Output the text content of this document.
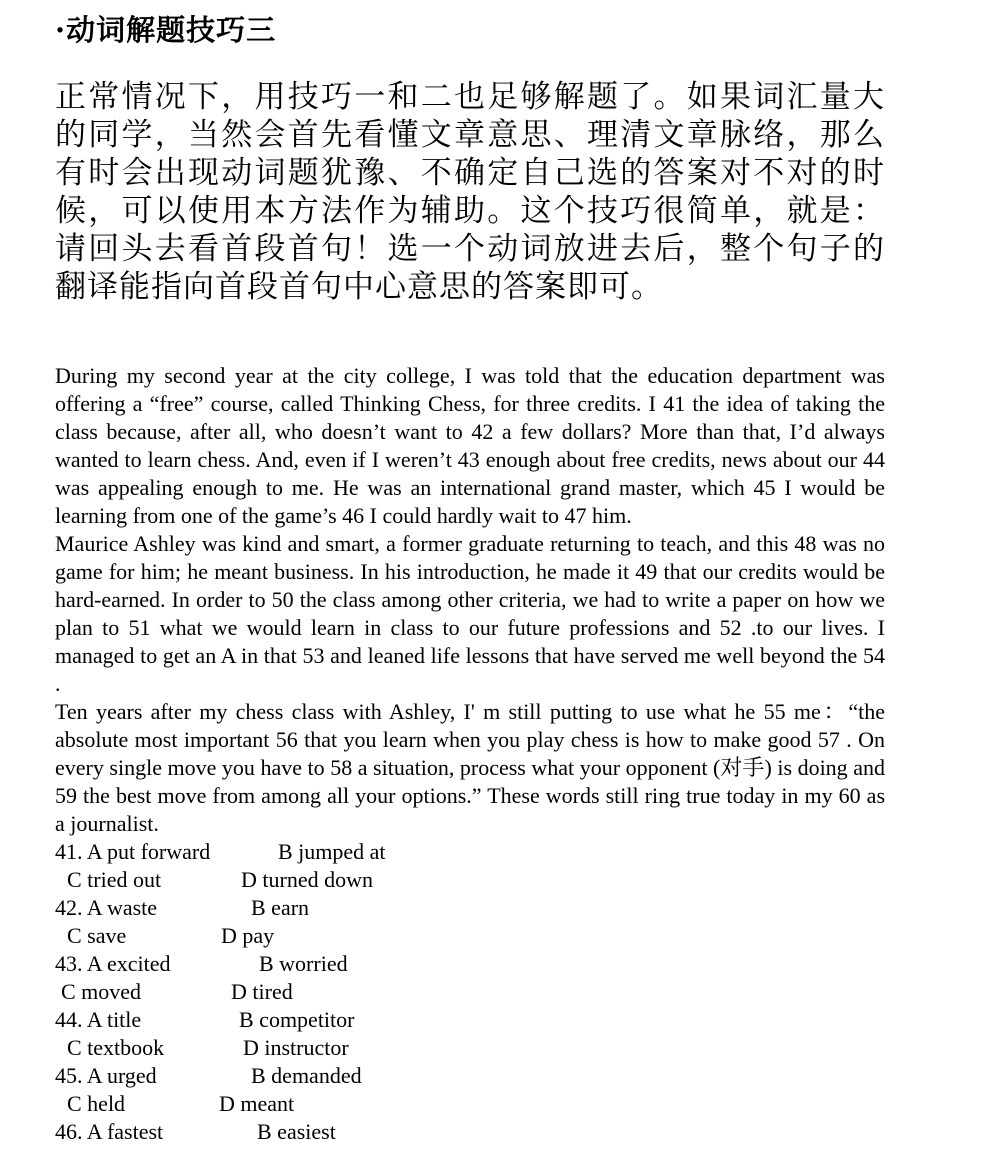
·动词解题技巧三
正常情况下，用技巧一和二也足够解题了。如果词汇量大的同学，当然会首先看懂文章意思、理清文章脉络，那么有时会出现动词题犹豫、不确定自己选的答案对不对的时候，可以使用本方法作为辅助。这个技巧很简单，就是：请回头去看首段首句！选一个动词放进去后，整个句子的翻译能指向首段首句中心意思的答案即可。

During my second year at the city college, I was told that the education department was offering a “free” course, called Thinking Chess, for three credits. I 41 the idea of taking the class because, after all, who doesn’t want to 42 a few dollars? More than that, I’d always wanted to learn chess. And, even if I weren’t 43 enough about free credits, news about our 44 was appealing enough to me. He was an international grand master, which 45 I would be learning from one of the game’s 46 I could hardly wait to 47 him.

Maurice Ashley was kind and smart, a former graduate returning to teach, and this 48 was no game for him; he meant business. In his introduction, he made it 49 that our credits would be hard-earned. In order to 50 the class among other criteria, we had to write a paper on how we plan to 51 what we would learn in class to our future professions and 52 .to our lives. I managed to get an A in that 53 and leaned life lessons that have served me well beyond the 54 .

Ten years after my chess class with Ashley, I' m still putting to use what he 55 me：“the absolute most important 56 that you learn when you play chess is how to make good 57 . On every single move you have to 58 a situation, process what your opponent (对手) is doing and 59 the best move from among all your options.” These words still ring true today in my 60 as a journalist.

41. A put forward	B jumped at
C tried out	D turned down
42. A waste	B earn
C save	D pay
43. A excited	B worried
C moved	D tired
44. A title	B competitor
C textbook	D instructor
45. A urged	B demanded
C held	D meant
46. A fastest	B easiest
